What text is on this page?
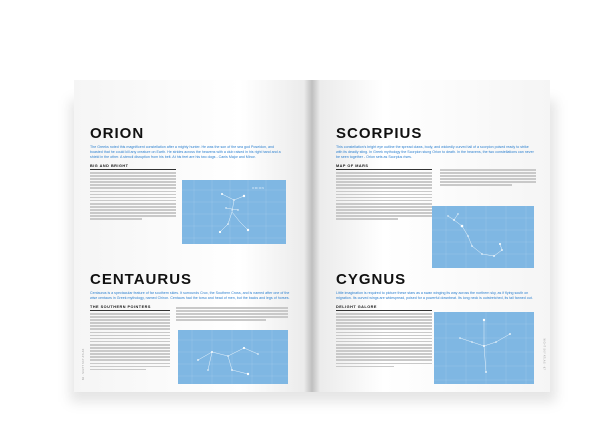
ORION

The Greeks noted this magnificent constellation after a mighty hunter. He was the son of the sea god Poseidon, and boasted that he could kill any creature on Earth. He strides across the heavens with a club raised in his right hand and a shield in the other. A stencil disruption from his belt. At his feet are his two dogs - Canis Major and Minor.

BIG AND BRIGHT
ORION
CENTAURUS

Centaurus is a spectacular feature of far southern skies. It surrounds Crux, the Southern Cross, and is named after one of the wise centaurs in Greek mythology, named Chiron. Centaurs had the torso and head of men, but the backs and legs of horses.

THE SOUTHERN POINTERS
66 · NIGHT SKY ATLAS
SCORPIUS

This constellation's bright eye outline the spread claws, body, and wickedly curved tail of a scorpion poised ready to strike with its deadly sting. In Greek mythology the Scorpion stung Orion to death. In the heavens, the two constellations can never be seen together - Orion sets as Scorpius rises.

MAP OF MARS
CYGNUS

Little imagination is required to picture these stars as a swan winging its way across the northern sky, as if flying south on migration. Its curved wings are widespread, poised for a powerful downbeat. Its long neck is outstretched, its tail fanned out.

DELIGHT GALORE
NIGHT SKY ATLAS · 67
